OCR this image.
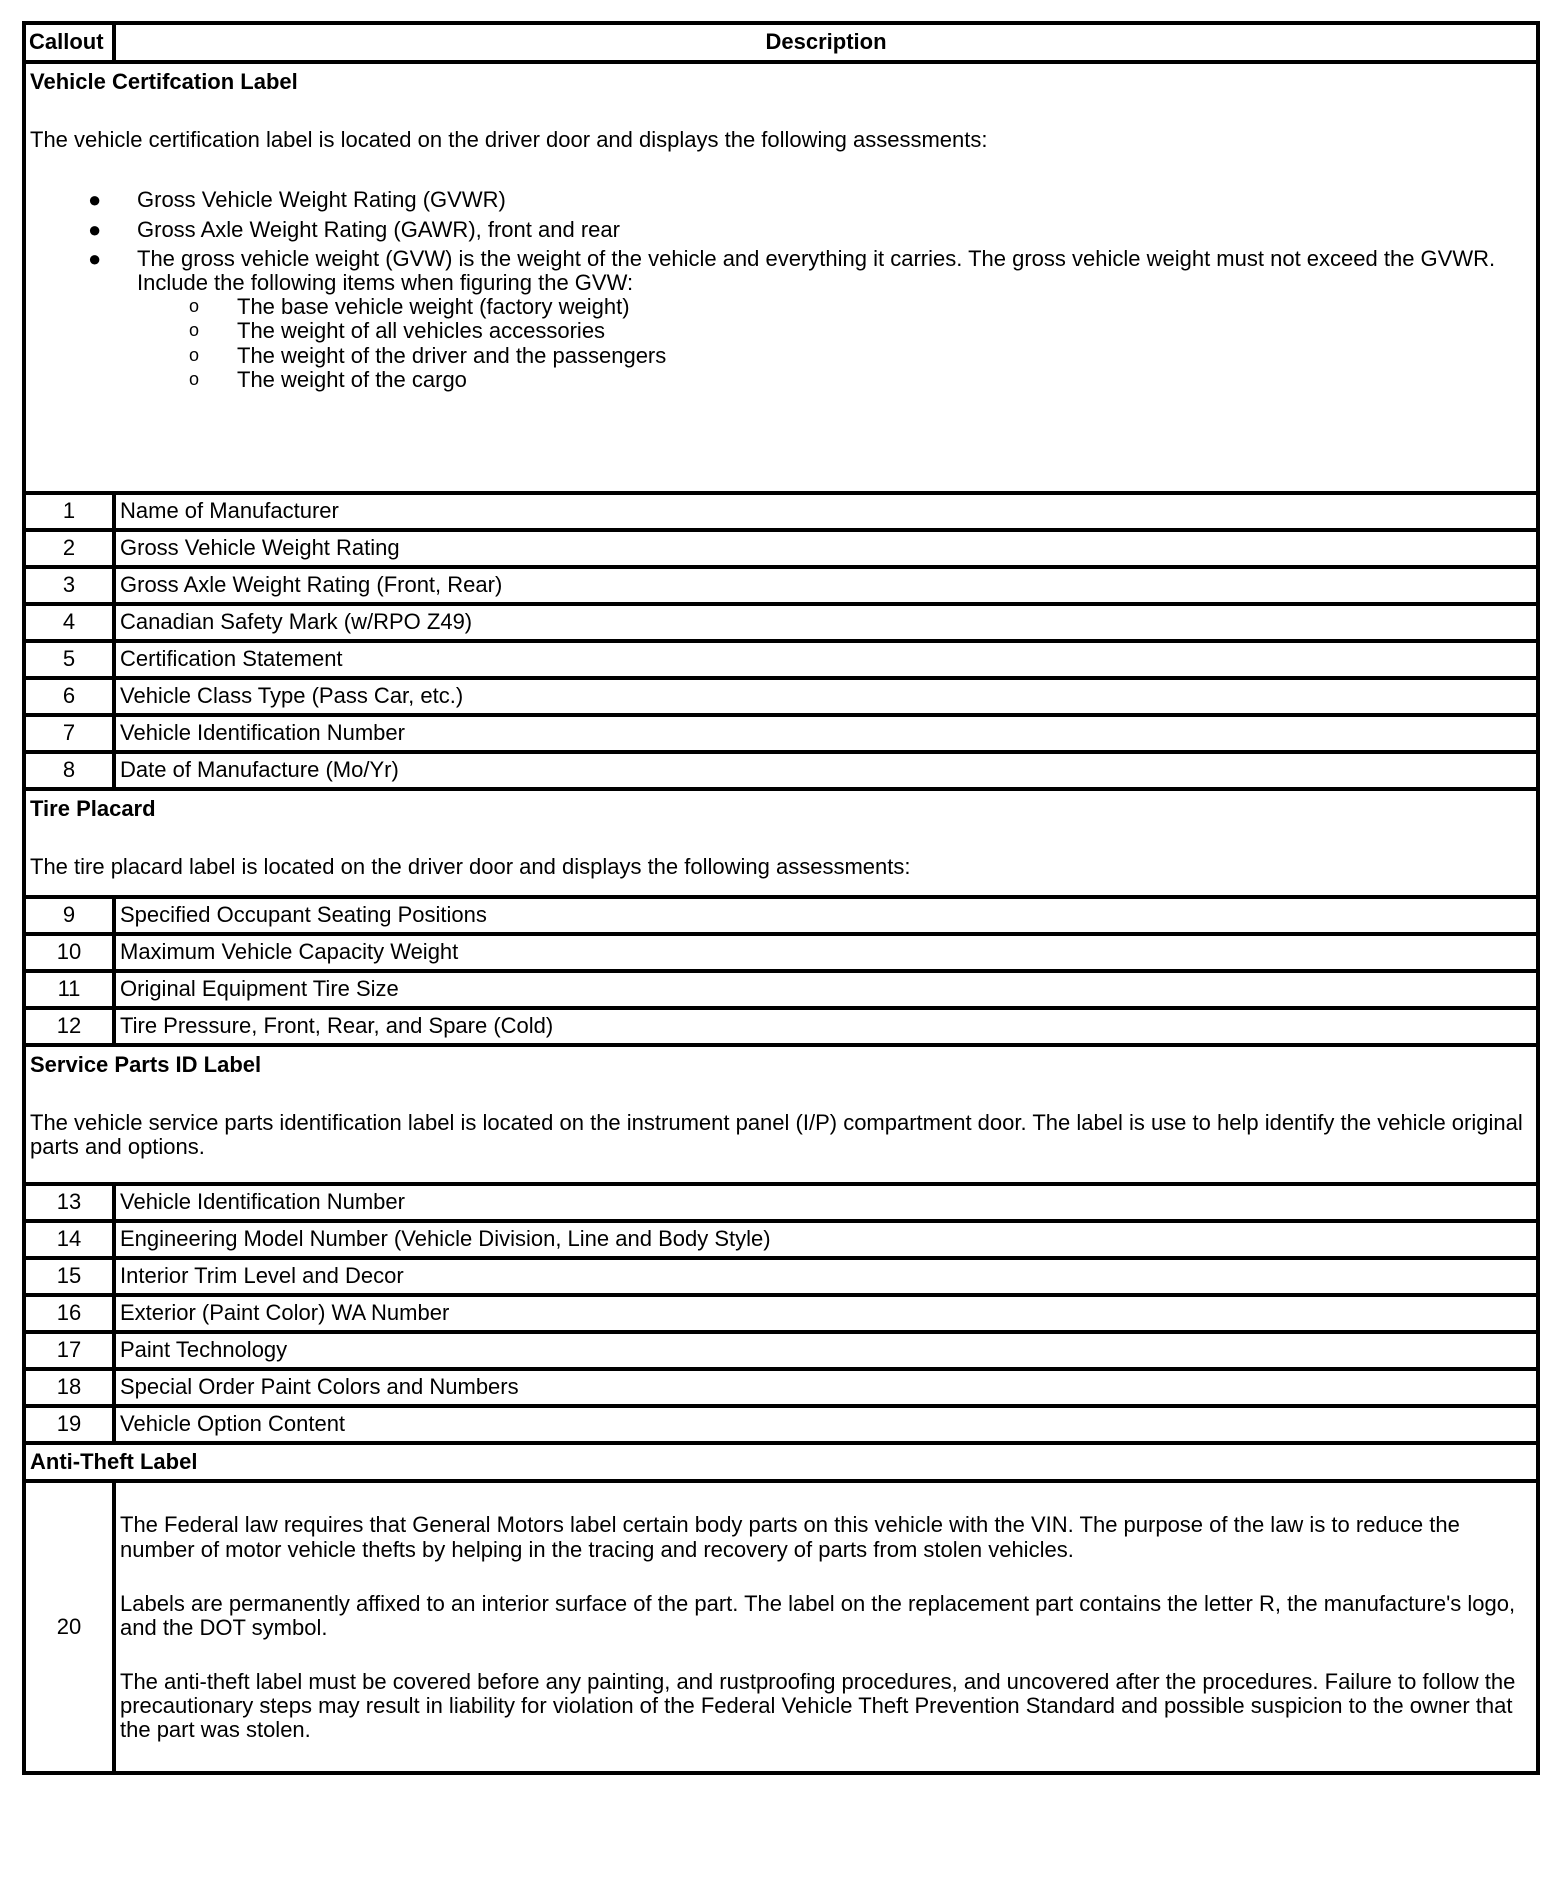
Callout	Description

Vehicle Certifcation Label
The vehicle certification label is located on the driver door and displays the following assessments:
● Gross Vehicle Weight Rating (GVWR)
● Gross Axle Weight Rating (GAWR), front and rear
● The gross vehicle weight (GVW) is the weight of the vehicle and everything it carries. The gross vehicle weight must not exceed the GVWR. Include the following items when figuring the GVW:
o The base vehicle weight (factory weight)
o The weight of all vehicles accessories
o The weight of the driver and the passengers
o The weight of the cargo

1	Name of Manufacturer
2	Gross Vehicle Weight Rating
3	Gross Axle Weight Rating (Front, Rear)
4	Canadian Safety Mark (w/RPO Z49)
5	Certification Statement
6	Vehicle Class Type (Pass Car, etc.)
7	Vehicle Identification Number
8	Date of Manufacture (Mo/Yr)

Tire Placard
The tire placard label is located on the driver door and displays the following assessments:	

9	Specified Occupant Seating Positions
10	Maximum Vehicle Capacity Weight
11	Original Equipment Tire Size
12	Tire Pressure, Front, Rear, and Spare (Cold)

Service Parts ID Label
The vehicle service parts identification label is located on the instrument panel (I/P) compartment door. The label is use to help identify the vehicle original parts and options.	

13	Vehicle Identification Number
14	Engineering Model Number (Vehicle Division, Line and Body Style)
15	Interior Trim Level and Decor
16	Exterior (Paint Color) WA Number
17	Paint Technology
18	Special Order Paint Colors and Numbers
19	Vehicle Option Content

Anti-Theft Label	

20	The Federal law requires that General Motors label certain body parts on this vehicle with the VIN. The purpose of the law is to reduce the number of motor vehicle thefts by helping in the tracing and recovery of parts from stolen vehicles.

Labels are permanently affixed to an interior surface of the part. The label on the replacement part contains the letter R, the manufacture's logo, and the DOT symbol.

The anti-theft label must be covered before any painting, and rustproofing procedures, and uncovered after the procedures. Failure to follow the precautionary steps may result in liability for violation of the Federal Vehicle Theft Prevention Standard and possible suspicion to the owner that the part was stolen.
